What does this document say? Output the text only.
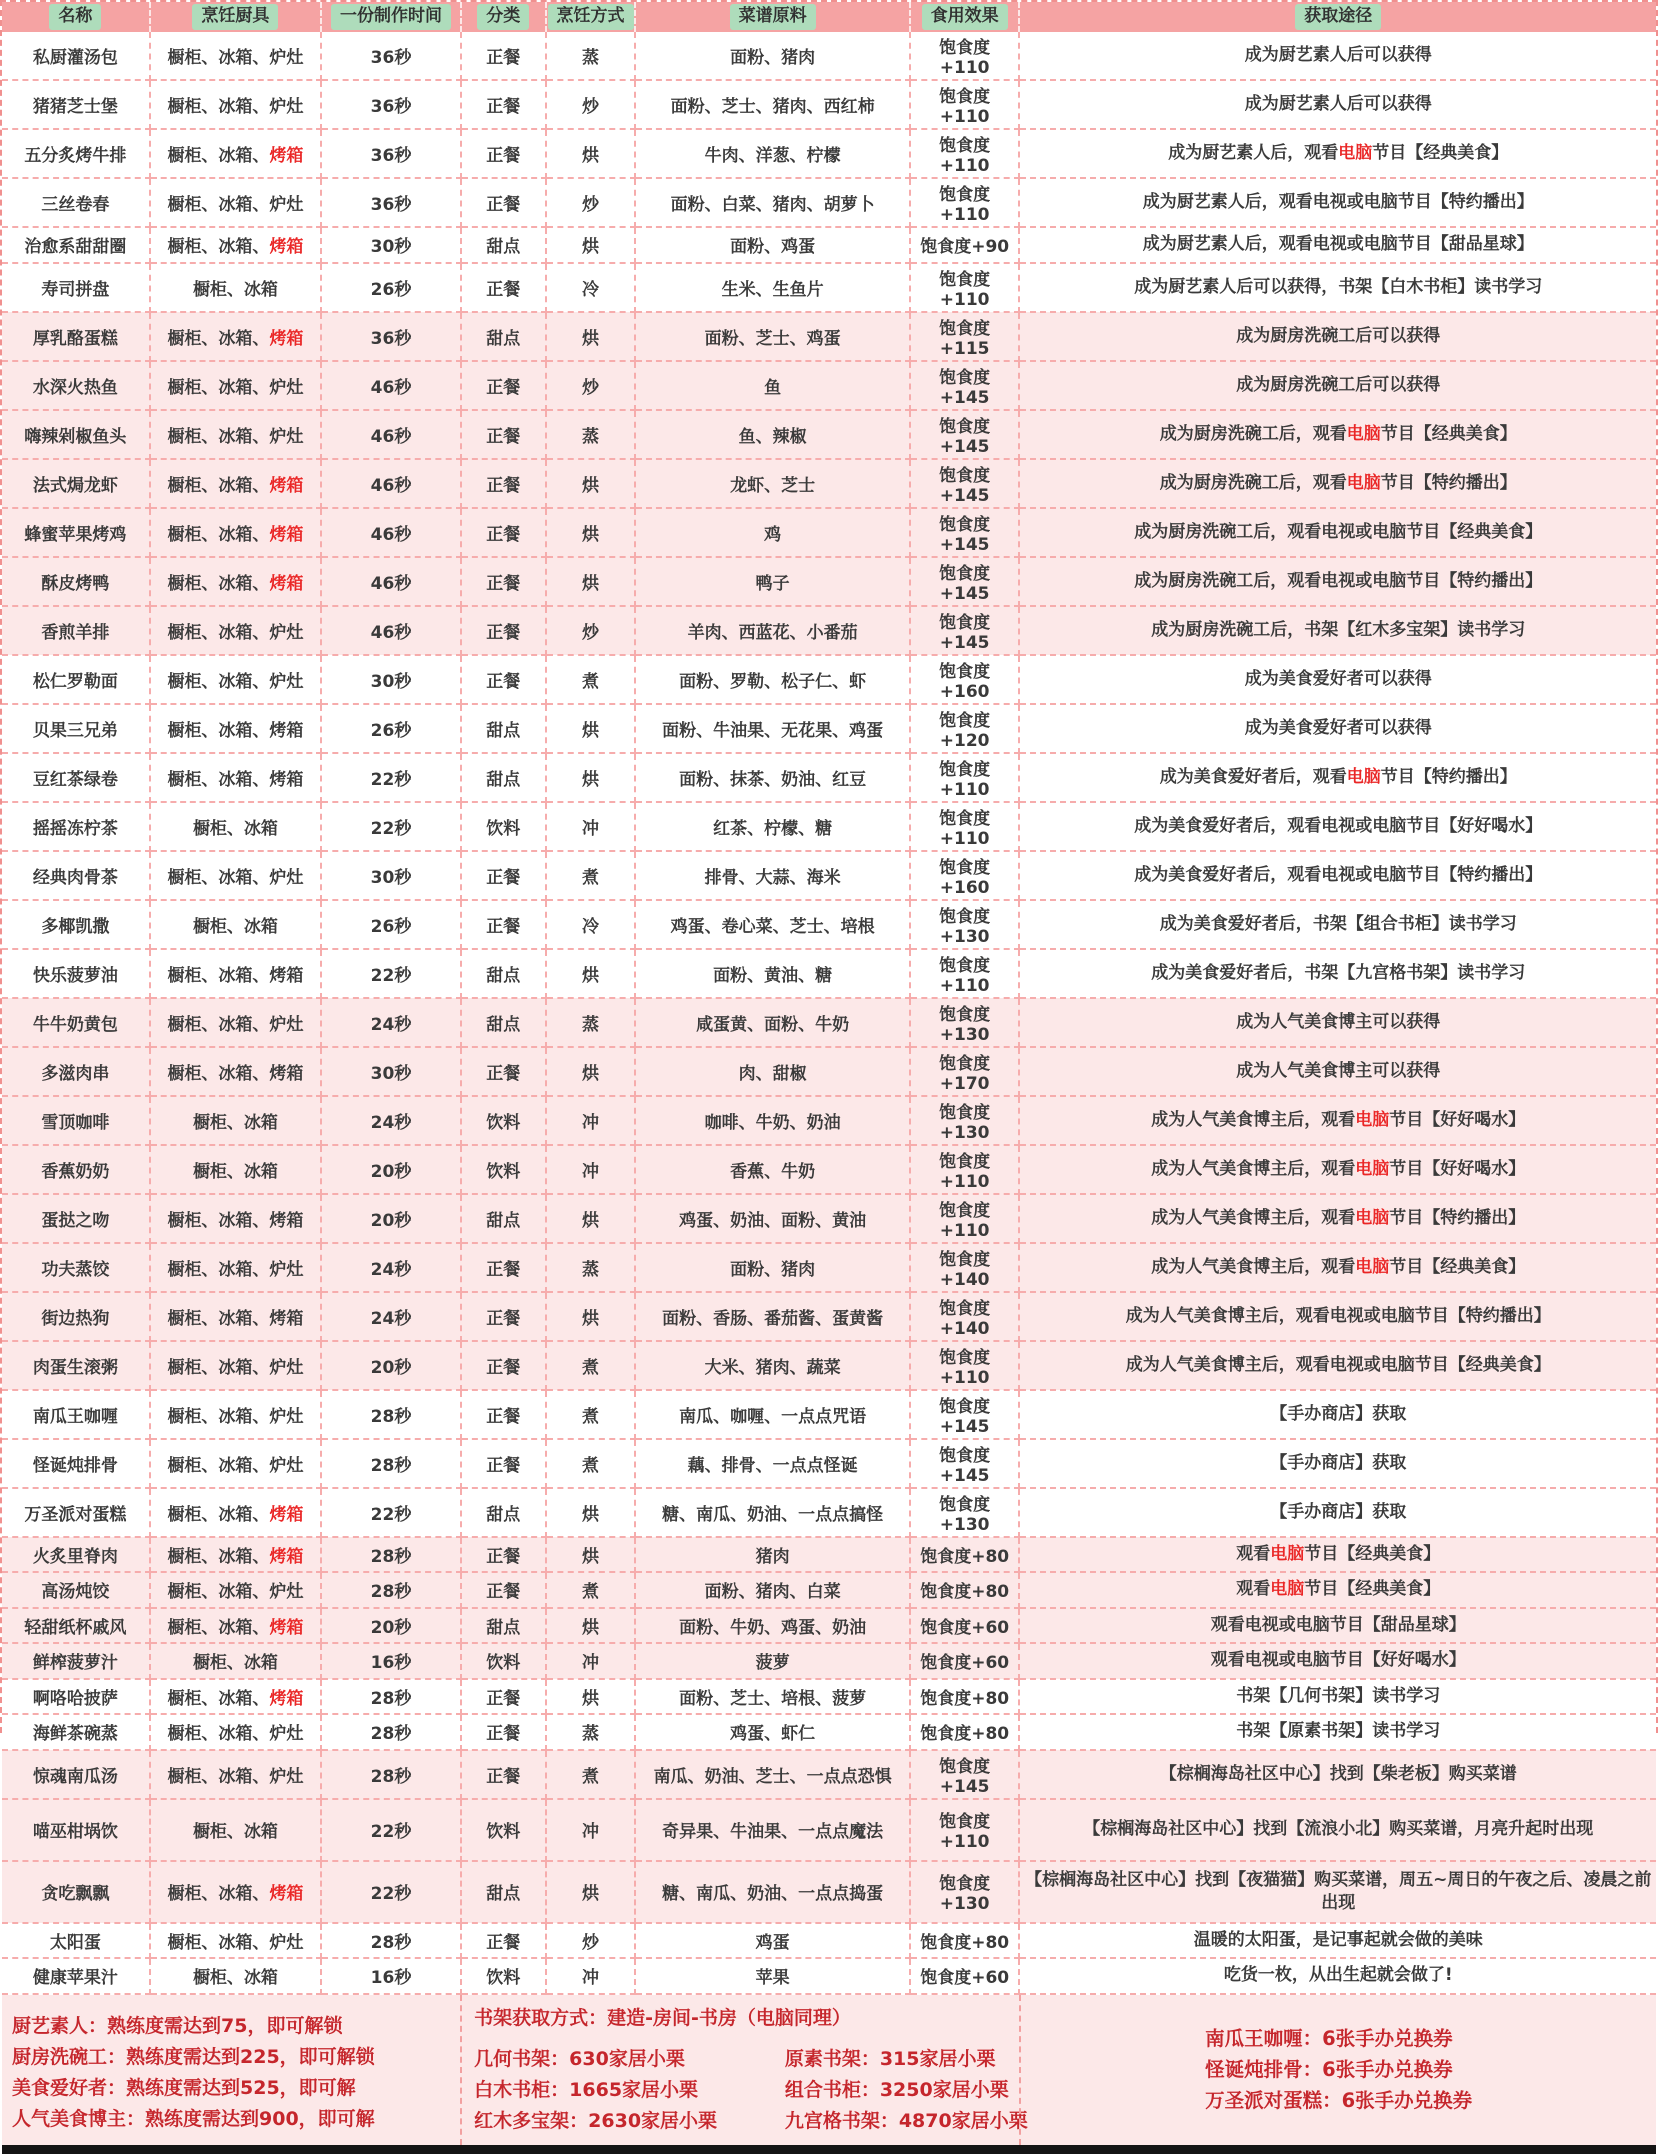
名称	烹饪厨具	一份制作时间	分类	烹饪方式	菜谱原料	食用效果	获取途径
私厨灌汤包	橱柜、冰箱、炉灶	36秒	正餐	蒸	面粉、猪肉	饱食度+110	成为厨艺素人后可以获得
猪猪芝士堡	橱柜、冰箱、炉灶	36秒	正餐	炒	面粉、芝士、猪肉、西红柿	饱食度+110	成为厨艺素人后可以获得
五分炙烤牛排	橱柜、冰箱、烤箱	36秒	正餐	烘	牛肉、洋葱、柠檬	饱食度+110	成为厨艺素人后，观看电脑节目【经典美食】
三丝卷春	橱柜、冰箱、炉灶	36秒	正餐	炒	面粉、白菜、猪肉、胡萝卜	饱食度+110	成为厨艺素人后，观看电视或电脑节目【特约播出】
治愈系甜甜圈	橱柜、冰箱、烤箱	30秒	甜点	烘	面粉、鸡蛋	饱食度+90	成为厨艺素人后，观看电视或电脑节目【甜品星球】
寿司拼盘	橱柜、冰箱	26秒	正餐	冷	生米、生鱼片	饱食度+110	成为厨艺素人后可以获得，书架【白木书柜】读书学习
厚乳酪蛋糕	橱柜、冰箱、烤箱	36秒	甜点	烘	面粉、芝士、鸡蛋	饱食度+115	成为厨房洗碗工后可以获得
水深火热鱼	橱柜、冰箱、炉灶	46秒	正餐	炒	鱼	饱食度+145	成为厨房洗碗工后可以获得
嗨辣剁椒鱼头	橱柜、冰箱、炉灶	46秒	正餐	蒸	鱼、辣椒	饱食度+145	成为厨房洗碗工后，观看电脑节目【经典美食】
法式焗龙虾	橱柜、冰箱、烤箱	46秒	正餐	烘	龙虾、芝士	饱食度+145	成为厨房洗碗工后，观看电脑节目【特约播出】
蜂蜜苹果烤鸡	橱柜、冰箱、烤箱	46秒	正餐	烘	鸡	饱食度+145	成为厨房洗碗工后，观看电视或电脑节目【经典美食】
酥皮烤鸭	橱柜、冰箱、烤箱	46秒	正餐	烘	鸭子	饱食度+145	成为厨房洗碗工后，观看电视或电脑节目【特约播出】
香煎羊排	橱柜、冰箱、炉灶	46秒	正餐	炒	羊肉、西蓝花、小番茄	饱食度+145	成为厨房洗碗工后，书架【红木多宝架】读书学习
松仁罗勒面	橱柜、冰箱、炉灶	30秒	正餐	煮	面粉、罗勒、松子仁、虾	饱食度+160	成为美食爱好者可以获得
贝果三兄弟	橱柜、冰箱、烤箱	26秒	甜点	烘	面粉、牛油果、无花果、鸡蛋	饱食度+120	成为美食爱好者可以获得
豆红茶绿卷	橱柜、冰箱、烤箱	22秒	甜点	烘	面粉、抹茶、奶油、红豆	饱食度+110	成为美食爱好者后，观看电脑节目【特约播出】
摇摇冻柠茶	橱柜、冰箱	22秒	饮料	冲	红茶、柠檬、糖	饱食度+110	成为美食爱好者后，观看电视或电脑节目【好好喝水】
经典肉骨茶	橱柜、冰箱、炉灶	30秒	正餐	煮	排骨、大蒜、海米	饱食度+160	成为美食爱好者后，观看电视或电脑节目【特约播出】
多椰凯撒	橱柜、冰箱	26秒	正餐	冷	鸡蛋、卷心菜、芝士、培根	饱食度+130	成为美食爱好者后，书架【组合书柜】读书学习
快乐菠萝油	橱柜、冰箱、烤箱	22秒	甜点	烘	面粉、黄油、糖	饱食度+110	成为美食爱好者后，书架【九宫格书架】读书学习
牛牛奶黄包	橱柜、冰箱、炉灶	24秒	甜点	蒸	咸蛋黄、面粉、牛奶	饱食度+130	成为人气美食博主可以获得
多滋肉串	橱柜、冰箱、烤箱	30秒	正餐	烘	肉、甜椒	饱食度+170	成为人气美食博主可以获得
雪顶咖啡	橱柜、冰箱	24秒	饮料	冲	咖啡、牛奶、奶油	饱食度+130	成为人气美食博主后，观看电脑节目【好好喝水】
香蕉奶奶	橱柜、冰箱	20秒	饮料	冲	香蕉、牛奶	饱食度+110	成为人气美食博主后，观看电脑节目【好好喝水】
蛋挞之吻	橱柜、冰箱、烤箱	20秒	甜点	烘	鸡蛋、奶油、面粉、黄油	饱食度+110	成为人气美食博主后，观看电脑节目【特约播出】
功夫蒸饺	橱柜、冰箱、炉灶	24秒	正餐	蒸	面粉、猪肉	饱食度+140	成为人气美食博主后，观看电脑节目【经典美食】
街边热狗	橱柜、冰箱、烤箱	24秒	正餐	烘	面粉、香肠、番茄酱、蛋黄酱	饱食度+140	成为人气美食博主后，观看电视或电脑节目【特约播出】
肉蛋生滚粥	橱柜、冰箱、炉灶	20秒	正餐	煮	大米、猪肉、蔬菜	饱食度+110	成为人气美食博主后，观看电视或电脑节目【经典美食】
南瓜王咖喱	橱柜、冰箱、炉灶	28秒	正餐	煮	南瓜、咖喱、一点点咒语	饱食度+145	【手办商店】获取
怪诞炖排骨	橱柜、冰箱、炉灶	28秒	正餐	煮	藕、排骨、一点点怪诞	饱食度+145	【手办商店】获取
万圣派对蛋糕	橱柜、冰箱、烤箱	22秒	甜点	烘	糖、南瓜、奶油、一点点搞怪	饱食度+130	【手办商店】获取
火炙里脊肉	橱柜、冰箱、烤箱	28秒	正餐	烘	猪肉	饱食度+80	观看电脑节目【经典美食】
高汤炖饺	橱柜、冰箱、炉灶	28秒	正餐	煮	面粉、猪肉、白菜	饱食度+80	观看电脑节目【经典美食】
轻甜纸杯戚风	橱柜、冰箱、烤箱	20秒	甜点	烘	面粉、牛奶、鸡蛋、奶油	饱食度+60	观看电视或电脑节目【甜品星球】
鲜榨菠萝汁	橱柜、冰箱	16秒	饮料	冲	菠萝	饱食度+60	观看电视或电脑节目【好好喝水】
啊咯哈披萨	橱柜、冰箱、烤箱	28秒	正餐	烘	面粉、芝士、培根、菠萝	饱食度+80	书架【几何书架】读书学习
海鲜茶碗蒸	橱柜、冰箱、炉灶	28秒	正餐	蒸	鸡蛋、虾仁	饱食度+80	书架【原素书架】读书学习
惊魂南瓜汤	橱柜、冰箱、炉灶	28秒	正餐	煮	南瓜、奶油、芝士、一点点恐惧	饱食度+145	【棕榈海岛社区中心】找到【柴老板】购买菜谱
喵巫柑埚饮	橱柜、冰箱	22秒	饮料	冲	奇异果、牛油果、一点点魔法	饱食度+110	【棕榈海岛社区中心】找到【流浪小北】购买菜谱，月亮升起时出现
贪吃飘飘	橱柜、冰箱、烤箱	22秒	甜点	烘	糖、南瓜、奶油、一点点捣蛋	饱食度+130	【棕榈海岛社区中心】找到【夜猫猫】购买菜谱，周五~周日的午夜之后、凌晨之前出现
太阳蛋	橱柜、冰箱、炉灶	28秒	正餐	炒	鸡蛋	饱食度+80	温暖的太阳蛋，是记事起就会做的美味
健康苹果汁	橱柜、冰箱	16秒	饮料	冲	苹果	饱食度+60	吃货一枚，从出生起就会做了!
厨艺素人：熟练度需达到75，即可解锁
厨房洗碗工：熟练度需达到225，即可解锁
美食爱好者：熟练度需达到525，即可解
人气美食博主：熟练度需达到900，即可解
书架获取方式：建造-房间-书房（电脑同理）
几何书架：630家居小栗
白木书柜：1665家居小栗
红木多宝架：2630家居小栗
原素书架：315家居小栗
组合书柜：3250家居小栗
九宫格书架：4870家居小栗
南瓜王咖喱：6张手办兑换券
怪诞炖排骨：6张手办兑换券
万圣派对蛋糕：6张手办兑换券
